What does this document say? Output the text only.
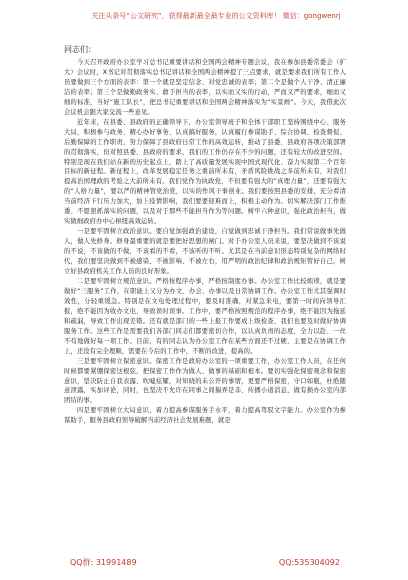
关注头条号“公文研究”，获得最新最全最专业的公文资料库！ 微信：gongwenrj

同志们：

今天召开政府办公室学习总书记重要讲话和全国两会精神专题会议，我在参加县委常委会（扩大）会议时，X书记对贯彻落实总书记讲话和全国两会精神提了三点要求，就是要求我们所有工作人员要做到三个方面的表率：第一个就是坚定信念、对党忠诚的表率；第二个是做个人干净、清正廉洁的表率；第三个是做勤政务实、敢于担当的表率，以实而又实的行动，严而又严的要求，细而又细的标准，当好“施工队长”，把总书记重要讲话和全国两会精神落实为“实景画”。今天，我借此次会议机会跟大家交流一些意见。

近年来，在县委、县政府的正确领导下，办公室领导班子和全体干部职工坚持围绕中心、服务大局，积极参与政务、精心办好事务、认真搞好服务，认真履行参谋助手、综合协调、检查督促、后勤保障的工作职责，努力保障了县政府日常工作的高效运转，推动了县委、县政府各项决策部署的贯彻落实，但对照县委、县政府的要求，我们的工作仍存在不少的问题，还有较大的改进空间。特别是现在我们站在新的历史起点上，踏上了高质量发展实现中国式现代化、奋力实现第二个百年目标的新征程。新征程上，改革发展稳定任务之重前所未有，矛盾风险挑战之多前所未有，对我们提高治国理政的考验之大前所未有。我们党作为执政党，不但要有强大的“真理力量”，还要有强大的“人格力量”，要以严的精神管党治党，以实的作风干事创业。我们要按照县委的安排，充分看清当前经济下行压力加大，加上疫情影响，我们要要迎难而上，积极主动作为。切实解决部门工作推诿、不愿狠抓落实的问题，以及对于那些不能担当作为等问题。树牢六种意识，强化政治担当，做实做细政府办中心枢纽高效运转。

一是要牢固树立政治意识。要自觉加强政治建设，自觉做到忠诚干净担当。我们常说做事先做人，做人先修身。修身最重要的就是要把好思想的闸门。对于办公室人员来说，要坚决做到不该说的不说，不该做的不做，不该看的不看，不该听的不听。尤其是在当前意识形态特别复杂的网络时代，我们要坚决做到不被感染、不被影响、不被左右，用严明的政治纪律和政治规矩管好自己，树立好县政府机关工作人员的良好形象。

二是要牢固树立规范意识。严格按程序办事，严格按制度办事。办公室工作比较烦琐，就是要做好“三服务”工作，在职能上又分为办文、办会、办事以及日常协调工作。办公室工作尤其强调时效性，分轻重缓急。特别是在文电处理过程中，要及时准确，对紧急来电，要第一时间向领导汇报，绝不能因为收办文电、导致误时误事。工作中，要严格按照规范的程序办事，绝不能因为拖延和疏漏，导致工作出现差错。还有就是部门的一些上报工作要成上级检查，我们也要及时做好协调服务工作。这些工作是需要我们各部门同志们都要密切合作，以认真负责的态度，全力以赴、一丝不苟地做好每一项工作。目前，有的同志认为办公室工作在某些方面还不过硬，主要是在协调工作上，还没有完全理顺，需要在今后的工作中，不断的改进，提高的。

三是要牢固树立保密意识。保密工作是政府办公室的一项重要工作，办公室工作人员，在任何时候都要紧绷保密这根弦，把保密工作作为做人、做事的基础和根本。要切实强化保密观念和保密意识，坚决防止自我表露、吹嘘炫耀，对知晓的未公开的事情，更要严格保密，守口如瓶，杜绝随意泄露，实加评论，同时，也坚决不允许在同事之间揣弄是非、传播小道消息，做有损办公室内部团结的事。

四是要牢固树立大局意识，着力提高参谋服务手水平，着力提高驾驭文字能力。办公室作为参谋助手，服务县政府领导破解当前经济社会发展难题，就是

QQ群: 31991489	QQ:535304092
